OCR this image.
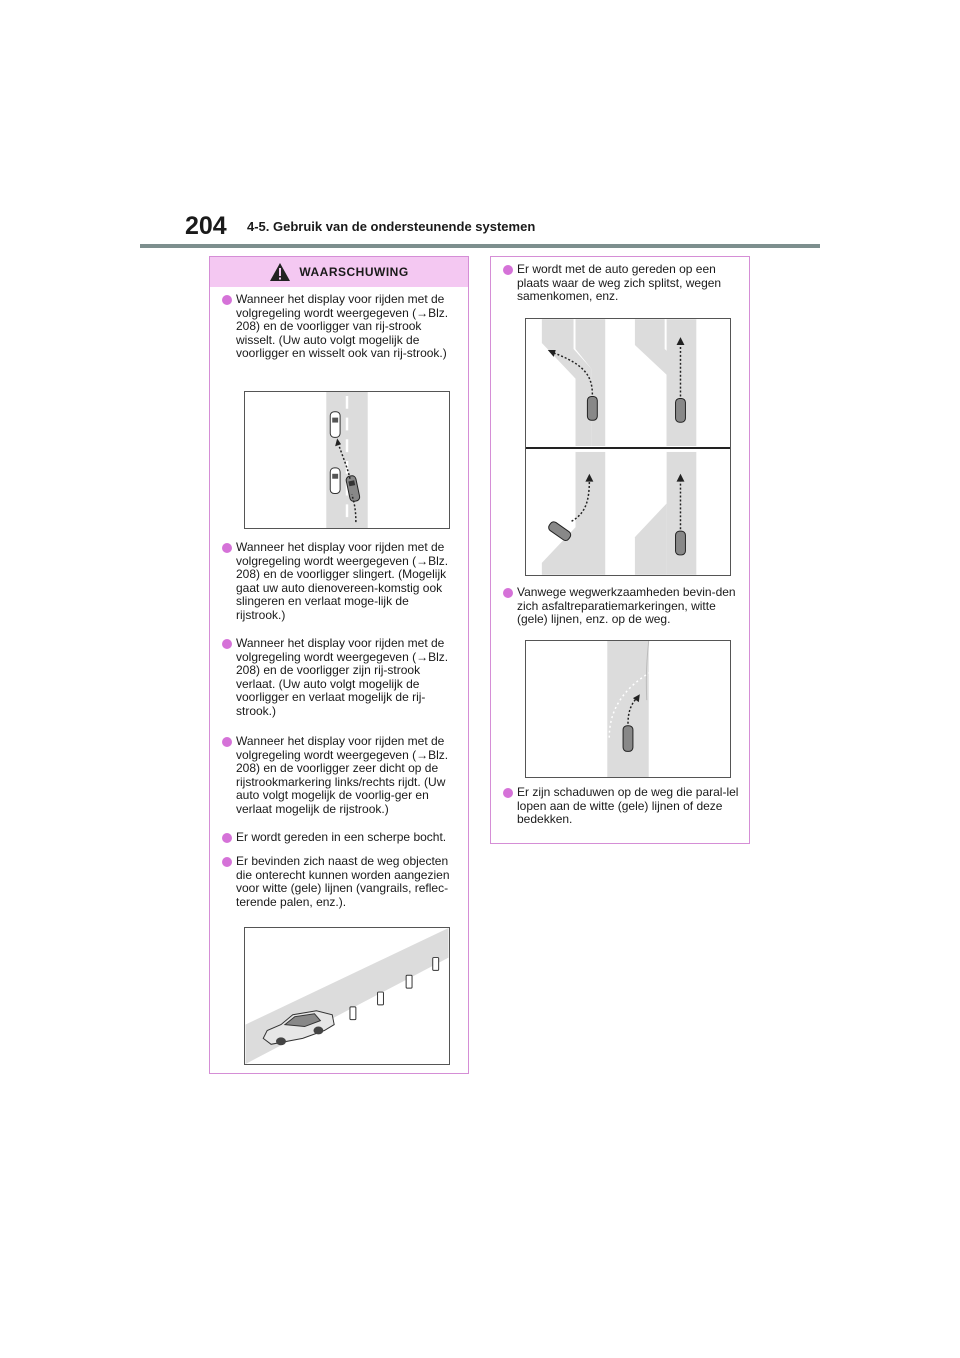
204 4-5. Gebruik van de ondersteunende systemen
WAARSCHUWING
Wanneer het display voor rijden met de volgregeling wordt weergegeven (→Blz. 208) en de voorligger van rij-strook wisselt. (Uw auto volgt mogelijk de voorligger en wisselt ook van rij-strook.)
Wanneer het display voor rijden met de volgregeling wordt weergegeven (→Blz. 208) en de voorligger slingert. (Mogelijk gaat uw auto dienovereen-komstig ook slingeren en verlaat moge-lijk de rijstrook.)
Wanneer het display voor rijden met de volgregeling wordt weergegeven (→Blz. 208) en de voorligger zijn rij-strook verlaat. (Uw auto volgt mogelijk de voorligger en verlaat mogelijk de rij-strook.)
Wanneer het display voor rijden met de volgregeling wordt weergegeven (→Blz. 208) en de voorligger zeer dicht op de rijstrookmarkering links/rechts rijdt. (Uw auto volgt mogelijk de voorlig-ger en verlaat mogelijk de rijstrook.)
Er wordt gereden in een scherpe bocht.
Er bevinden zich naast de weg objecten die onterecht kunnen worden aangezien voor witte (gele) lijnen (vangrails, reflec-terende palen, enz.).
Er wordt met de auto gereden op een plaats waar de weg zich splitst, wegen samenkomen, enz.
Vanwege wegwerkzaamheden bevin-den zich asfaltreparatiemarkeringen, witte (gele) lijnen, enz. op de weg.
Er zijn schaduwen op de weg die paral-lel lopen aan de witte (gele) lijnen of deze bedekken.
